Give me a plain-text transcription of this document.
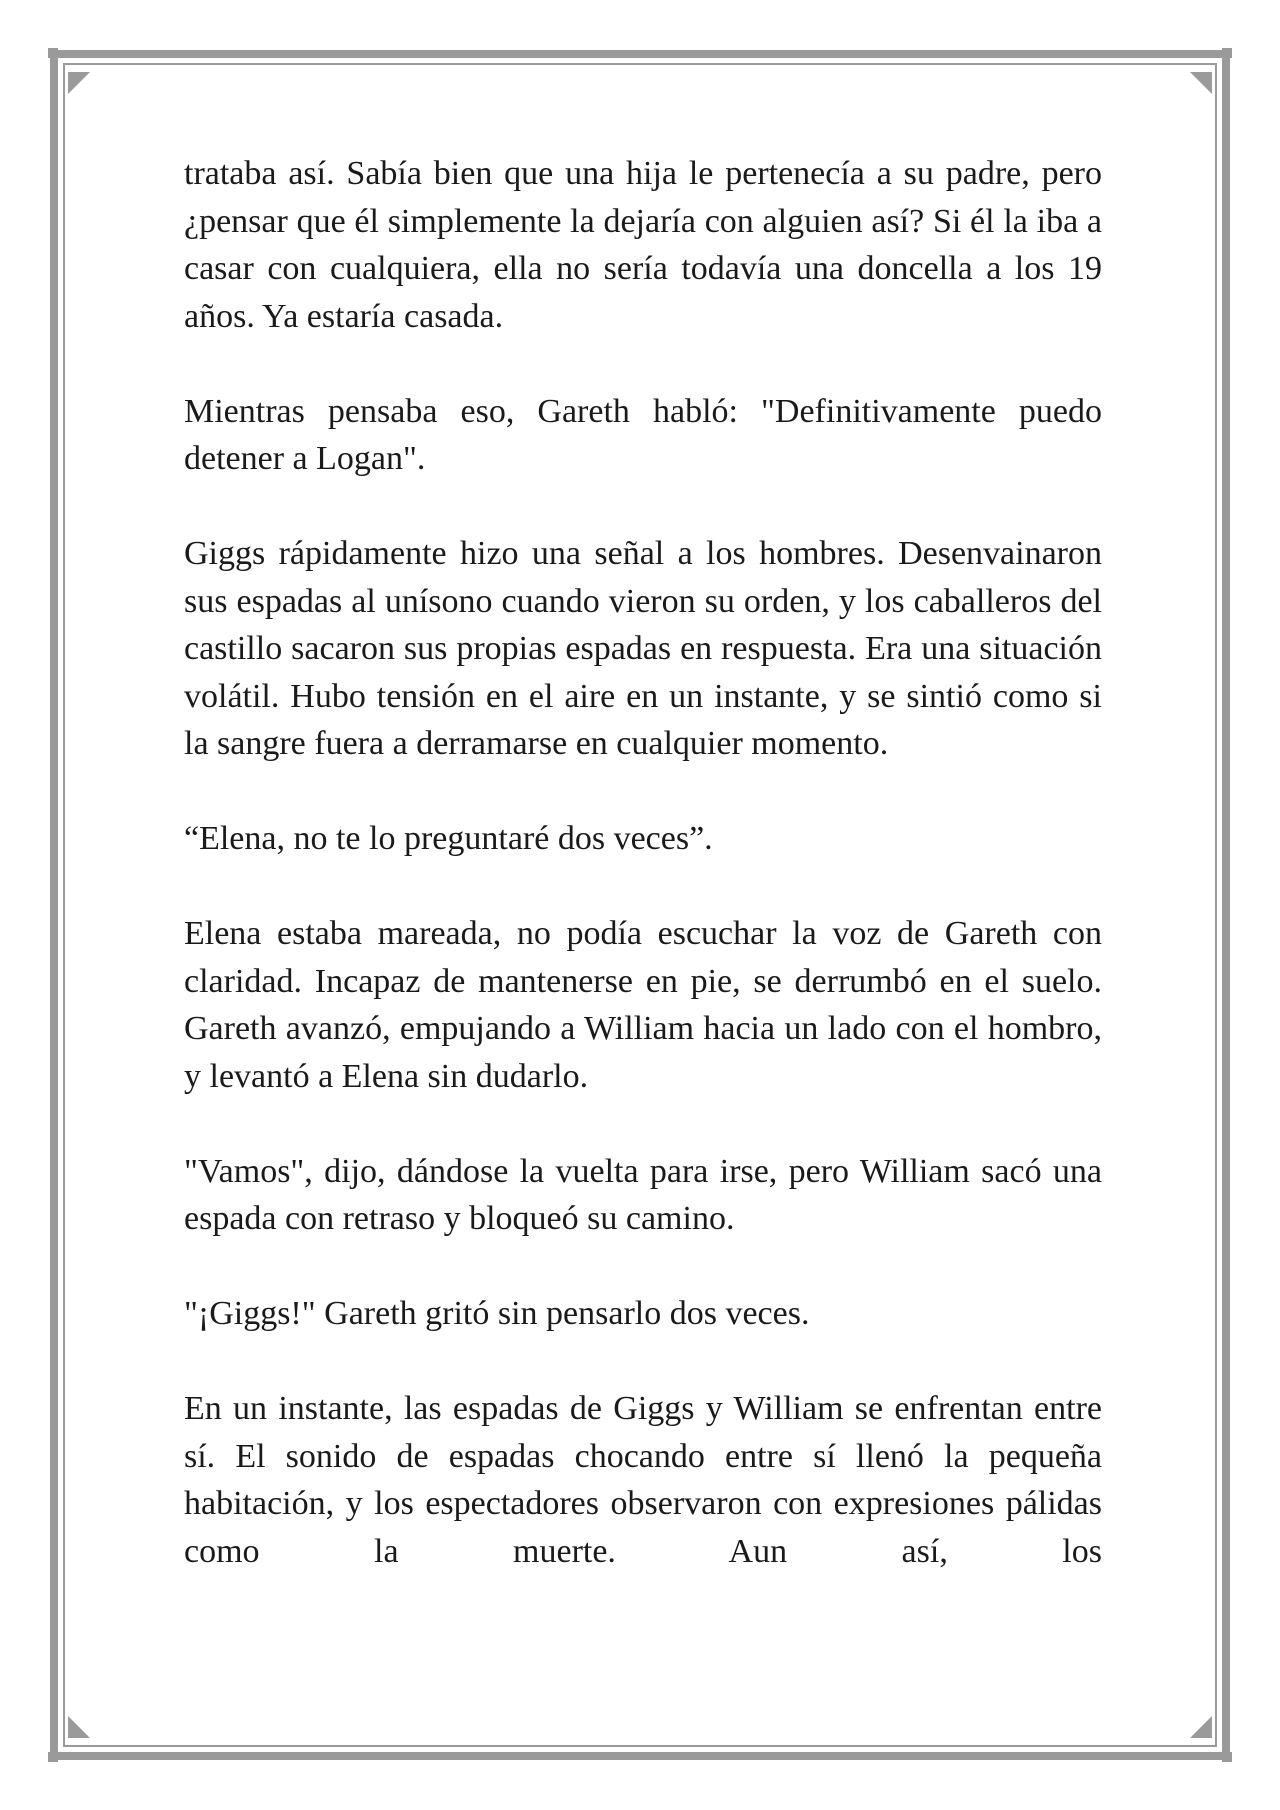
trataba así. Sabía bien que una hija le pertenecía a su padre, pero ¿pensar que él simplemente la dejaría con alguien así? Si él la iba a casar con cualquiera, ella no sería todavía una doncella a los 19 años. Ya estaría casada.

Mientras pensaba eso, Gareth habló: "Definitivamente puedo detener a Logan".

Giggs rápidamente hizo una señal a los hombres. Desenvainaron sus espadas al unísono cuando vieron su orden, y los caballeros del castillo sacaron sus propias espadas en respuesta. Era una situación volátil. Hubo tensión en el aire en un instante, y se sintió como si la sangre fuera a derramarse en cualquier momento.

“Elena, no te lo preguntaré dos veces”.

Elena estaba mareada, no podía escuchar la voz de Gareth con claridad. Incapaz de mantenerse en pie, se derrumbó en el suelo. Gareth avanzó, empujando a William hacia un lado con el hombro, y levantó a Elena sin dudarlo.

"Vamos", dijo, dándose la vuelta para irse, pero William sacó una espada con retraso y bloqueó su camino.

"¡Giggs!" Gareth gritó sin pensarlo dos veces.

En un instante, las espadas de Giggs y William se enfrentan entre sí. El sonido de espadas chocando entre sí llenó la pequeña habitación, y los espectadores observaron con expresiones pálidas como la muerte. Aun así, los
